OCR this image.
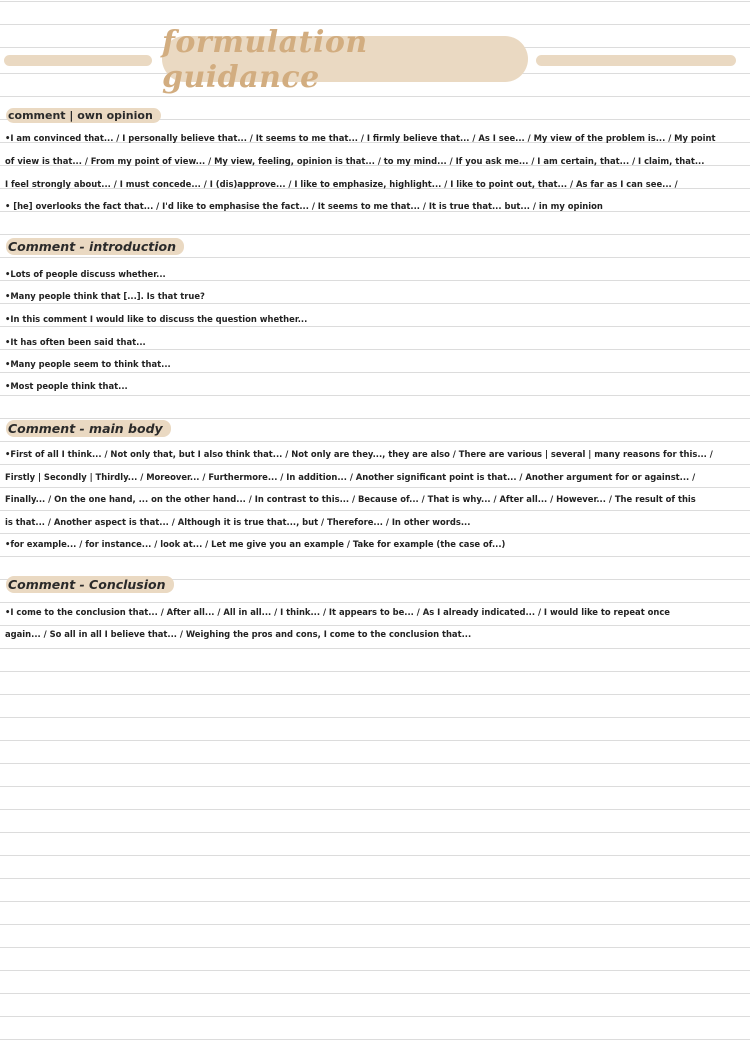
formulation guidance
comment | own opinion

•I am convinced that... / I personally believe that... / It seems to me that... / I firmly believe that... / As I see... / My view of the problem is... / My point

of view is that... / From my point of view... / My view, feeling, opinion is that... / to my mind... / If you ask me... / I am certain, that... / I claim, that...

I feel strongly about... / I must concede... / I (dis)approve... / I like to emphasize, highlight... / I like to point out, that... / As far as I can see... /

• [he] overlooks the fact that... / I'd like to emphasise the fact... / It seems to me that... / It is true that... but... / in my opinion

Comment - introduction

•Lots of people discuss whether...

•Many people think that [...]. Is that true?

•In this comment I would like to discuss the question whether...

•It has often been said that...

•Many people seem to think that...

•Most people think that...

Comment - main body

•First of all I think... / Not only that, but I also think that... / Not only are they..., they are also / There are various | several | many reasons for this... /

Firstly | Secondly | Thirdly... / Moreover... / Furthermore... / In addition... / Another significant point is that... / Another argument for or against... /

Finally... / On the one hand, ... on the other hand... / In contrast to this... / Because of... / That is why... / After all... / However... / The result of this

is that... / Another aspect is that... / Although it is true that..., but / Therefore... / In other words...

•for example... / for instance... / look at... / Let me give you an example / Take for example (the case of...)

Comment - Conclusion

•I come to the conclusion that... / After all... / All in all... / I think... / It appears to be... / As I already indicated... / I would like to repeat once

again... / So all in all I believe that... / Weighing the pros and cons, I come to the conclusion that...
